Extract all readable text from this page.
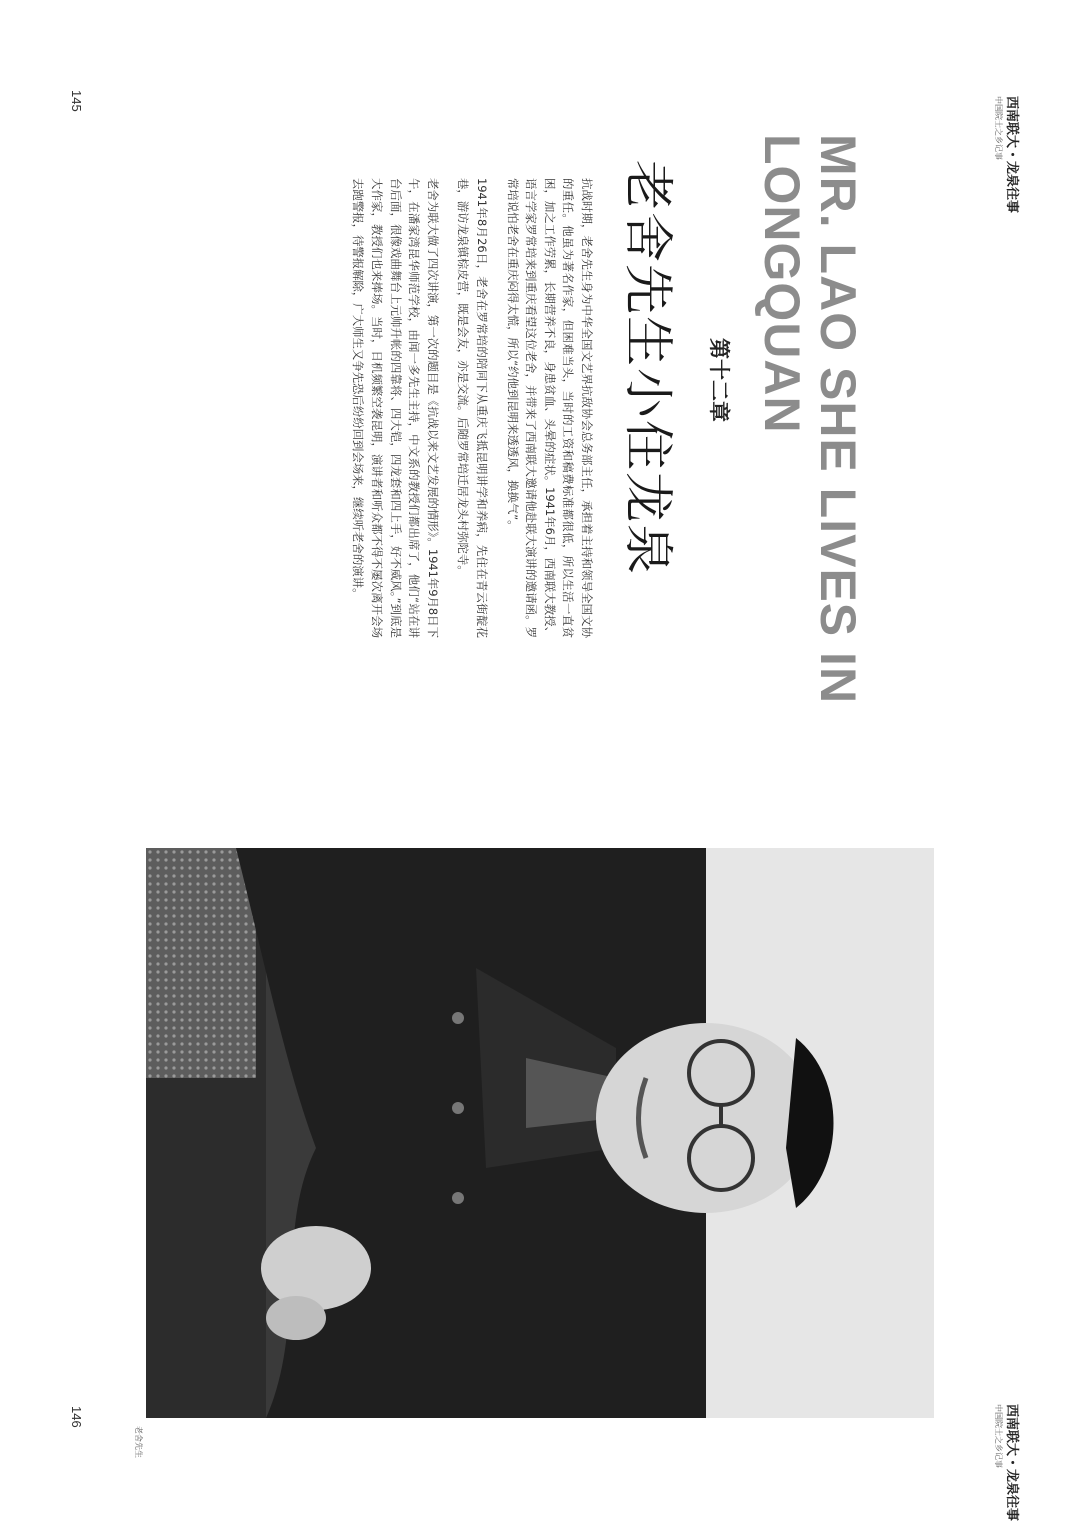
西南联大・龙泉往事
中国院士之乡记事
145
MR. LAO SHE LIVES IN
LONGQUAN
第十二章
老舍先生小住龙泉

抗战时期，老舍先生身为中华全国文艺界抗敌协会总务部主任，承担着主持和领导全国文协的重任。他虽为著名作家，但困难当头，当时的工资和稿费标准都很低，所以生活一直贫困，加之工作劳累，长期营养不良，身患贫血、头晕的症状。1941年6月，西南联大教授、语言学家罗常培来到重庆看望这位老舍，并带来了西南联大邀请他赴联大演讲的邀请函。罗常培说怕老舍在重庆闷得太慌，所以“约他到昆明来透透风，换换气”。

1941年8月26日，老舍在罗常培的陪同下从重庆飞抵昆明讲学和养病，先住在青云街靛花巷，游访龙泉镇棕皮营，既是会友，亦是交流。后随罗常培迁居龙头村弥陀寺。

老舍为联大做了四次讲演，第一次的题目是《抗战以来文艺发展的情形》。1941年9月8日下午，在潘家湾昆华师范学校，由闻一多先生主持，中文系的教授们都出席了，他们“站在讲台后面，很像戏曲舞台上元帅升帐的四靠将、四大铠，四龙套和四上手，好不威风。”到底是大作家，教授们也来捧场。当时，日机频繁空袭昆明，演讲者和听众都不得不屡次离开会场去跑警报，待警报解除，广大师生又争先恐后纷纷回到会场来，继续听老舍的演讲。

老舍先生
146	西南联大・龙泉往事
中国院士之乡记事
